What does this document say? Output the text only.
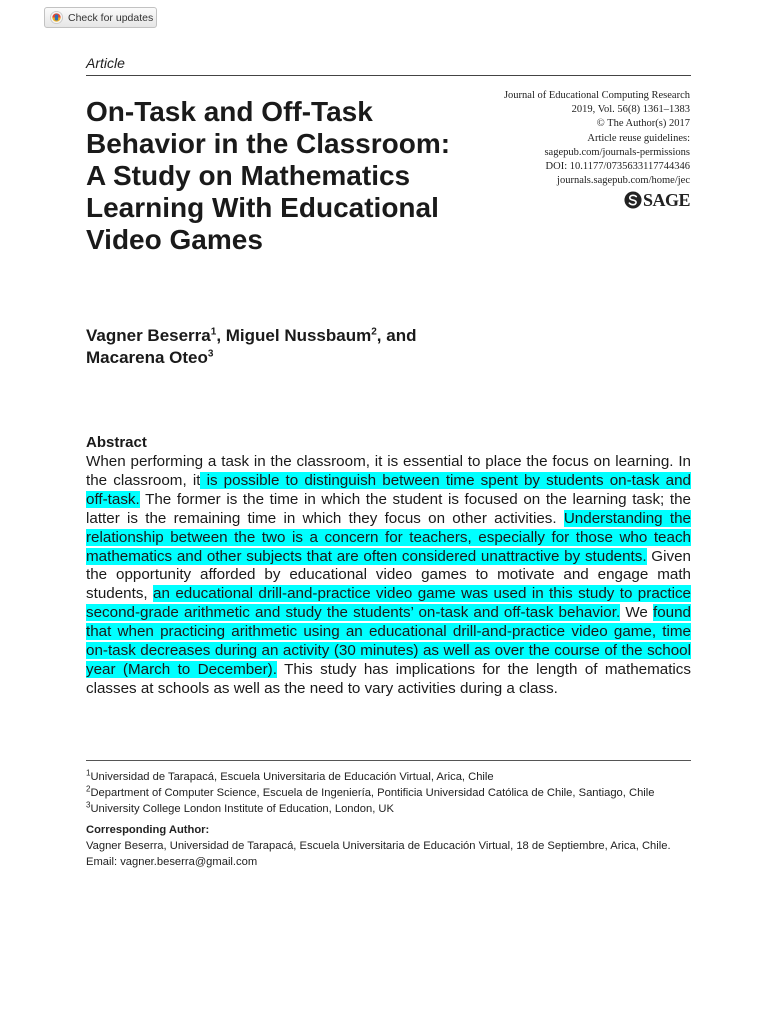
Check for updates
Article
On-Task and Off-Task Behavior in the Classroom: A Study on Mathematics Learning With Educational Video Games
Journal of Educational Computing Research
2019, Vol. 56(8) 1361–1383
© The Author(s) 2017
Article reuse guidelines:
sagepub.com/journals-permissions
DOI: 10.1177/0735633117744346
journals.sagepub.com/home/jec
SAGE

Vagner Beserra$^1$, Miguel Nussbaum$^2$, and
Macarena Oteo$^3$

Abstract

When performing a task in the classroom, it is essential to place the focus on learning. In the classroom, it is possible to distinguish between time spent by students on-task and off-task. The former is the time in which the student is focused on the learning task; the latter is the remaining time in which they focus on other activities. Understanding the relationship between the two is a concern for teachers, especially for those who teach mathematics and other subjects that are often considered unattractive by students. Given the opportunity afforded by educational video games to motivate and engage math students, an educational drill-and-practice video game was used in this study to practice second-grade arithmetic and study the students’ on-task and off-task behavior. We found that when practicing arithmetic using an educational drill-and-practice video game, time on-task decreases during an activity (30 minutes) as well as over the course of the school year (March to December). This study has implications for the length of mathematics classes at schools as well as the need to vary activities during a class.

$^1$Universidad de Tarapacá, Escuela Universitaria de Educación Virtual, Arica, Chile

$^2$Department of Computer Science, Escuela de Ingeniería, Pontificia Universidad Católica de Chile, Santiago, Chile

$^3$University College London Institute of Education, London, UK

Corresponding Author:

Vagner Beserra, Universidad de Tarapacá, Escuela Universitaria de Educación Virtual, 18 de Septiembre, Arica, Chile.

Email: vagner.beserra@gmail.com
